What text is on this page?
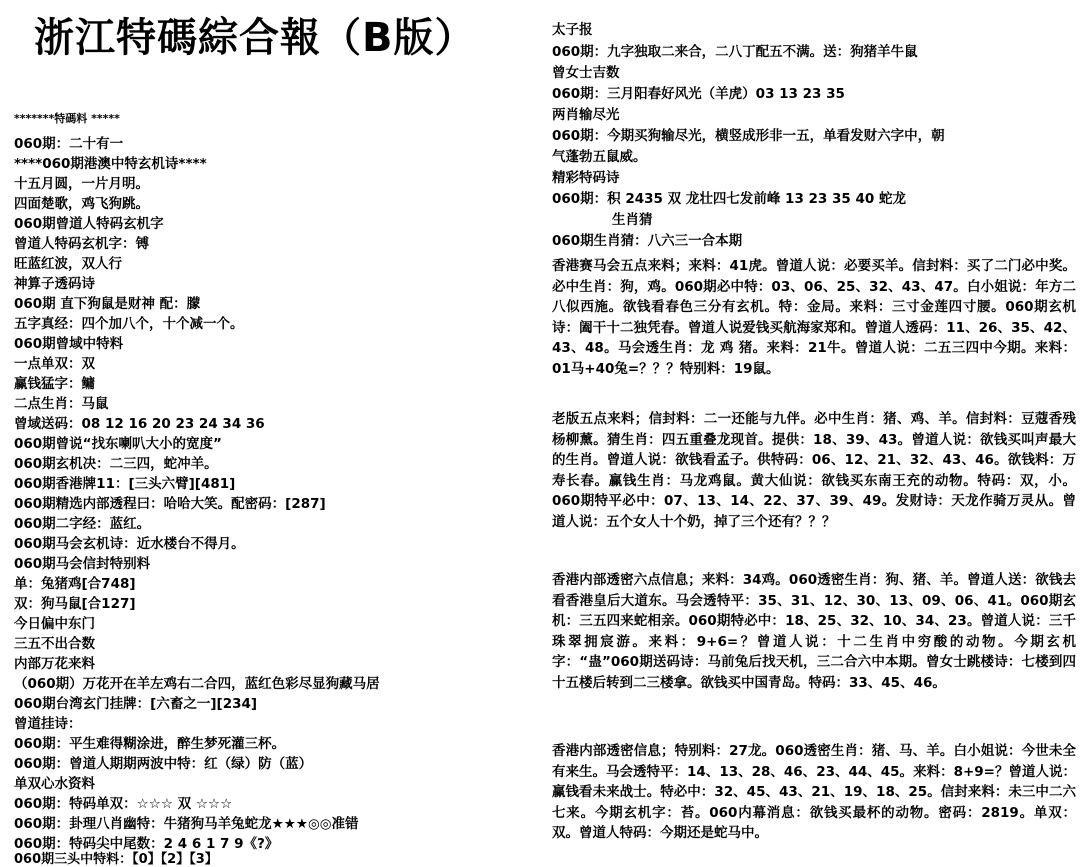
浙江特碼綜合報（B版）
*******特碼料 *****
060期：二十有一
****060期港澳中特玄机诗****
十五月圆，一片月明。
四面楚歌，鸡飞狗跳。
060期曾道人特码玄机字
曾道人特码玄机字：镈
旺蓝红波，双人行
神算子透码诗
060期 直下狗鼠是财神 配：朦
五字真经：四个加八个，十个减一个。
060期曾域中特料
一点单双：双
赢钱猛字：鳙
二点生肖：马鼠
曾域送码：08 12 16 20 23 24 34 36
060期曾说“找东喇叭大小的宽度”
060期玄机决：二三四，蛇冲羊。
060期香港牌11：[三头六臂][481]
060期精选内部透程曰：哈哈大笑。配密码：[287]
060期二字经：蓝红。
060期马会玄机诗：近水楼台不得月。
060期马会信封特别料
单：兔猪鸡[合748]
双：狗马鼠[合127]
今日偏中东门
三五不出合数
内部万花来料
（060期）万花开在羊左鸡右二合四，蓝红色彩尽显狗藏马居
060期台湾玄门挂牌：[六畜之一][234]
曾道挂诗：
060期：平生难得糊涂进，醉生梦死灌三杯。
060期：曾道人期期两波中特：红（绿）防（蓝）
单双心水资料
060期：特码单双：☆☆☆ 双 ☆☆☆
060期：卦理八肖幽特：牛猪狗马羊兔蛇龙★★★◎◎准错
060期：特码尖中尾数：2 4 6 1 7 9《?》
060期三头中特料：【0】【2】【3】
太子报
060期：九字独取二来合，二八丁配五不满。送：狗猪羊牛鼠
曾女士吉数
060期：三月阳春好风光（羊虎）03 13 23 35
两肖输尽光
060期：今期买狗输尽光，横竖成形非一五，单看发财六字中，朝
气蓬勃五鼠威。
精彩特码诗
060期：积 2435 双 龙壮四七发前峰 13 23 35 40 蛇龙
生肖猜
060期生肖猜：八六三一合本期
香港赛马会五点来料；来料：41虎。曾道人说：必要买羊。信封料：买了二门必中奖。必中生肖：狗，鸡。060期必中特：03、06、25、32、43、47。白小姐说：年方二八似西施。欲钱看春色三分有玄机。特：金局。来料：三寸金莲四寸腰。060期玄机诗：阖干十二独凭春。曾道人说爱钱买航海家郑和。曾道人透码：11、26、35、42、43、48。马会透生肖：龙 鸡 猪。来料：21牛。曾道人说：二五三四中今期。来料：01马+40兔=？？？特别料：19鼠。
老版五点来料；信封料：二一还能与九伴。必中生肖：猪、鸡、羊。信封料：豆蔻香残杨柳薰。猜生肖：四五重叠龙现首。提供：18、39、43。曾道人说：欲钱买叫声最大的生肖。曾道人说：欲钱看孟子。供特码：06、12、21、32、43、46。欲钱料：万寿长春。赢钱生肖：马龙鸡鼠。黄大仙说：欲钱买东南王充的动物。特码：双，小。060期特平必中：07、13、14、22、37、39、49。发财诗：天龙作骑万灵从。曾道人说：五个女人十个奶，掉了三个还有？？？
香港内部透密六点信息；来料：34鸡。060透密生肖：狗、猪、羊。曾道人送：欲钱去看香港皇后大道东。马会透特平：35、31、12、30、13、09、06、41。060期玄机：三五四来蛇相亲。060期特必中：18、25、32、10、34、23。曾道人说：三千珠翠拥宸游。来料：9+6=？曾道人说：十二生肖中穷酸的动物。今期玄机字：“蛊”060期送码诗：马前兔后找天机，三二合六中本期。曾女士跳楼诗：七楼到四十五楼后转到二三楼拿。欲钱买中国青岛。特码：33、45、46。
香港内部透密信息；特别料：27龙。060透密生肖：猪、马、羊。白小姐说：今世未全有来生。马会透特平：14、13、28、46、23、44、45。来料：8+9=？曾道人说：赢钱看未来战士。特必中：32、45、43、21、19、18、25。信封来料：未三中二六七来。今期玄机字：苔。060内幕消息：欲钱买最杯的动物。密码：2819。单双：双。曾道人特码：今期还是蛇马中。
